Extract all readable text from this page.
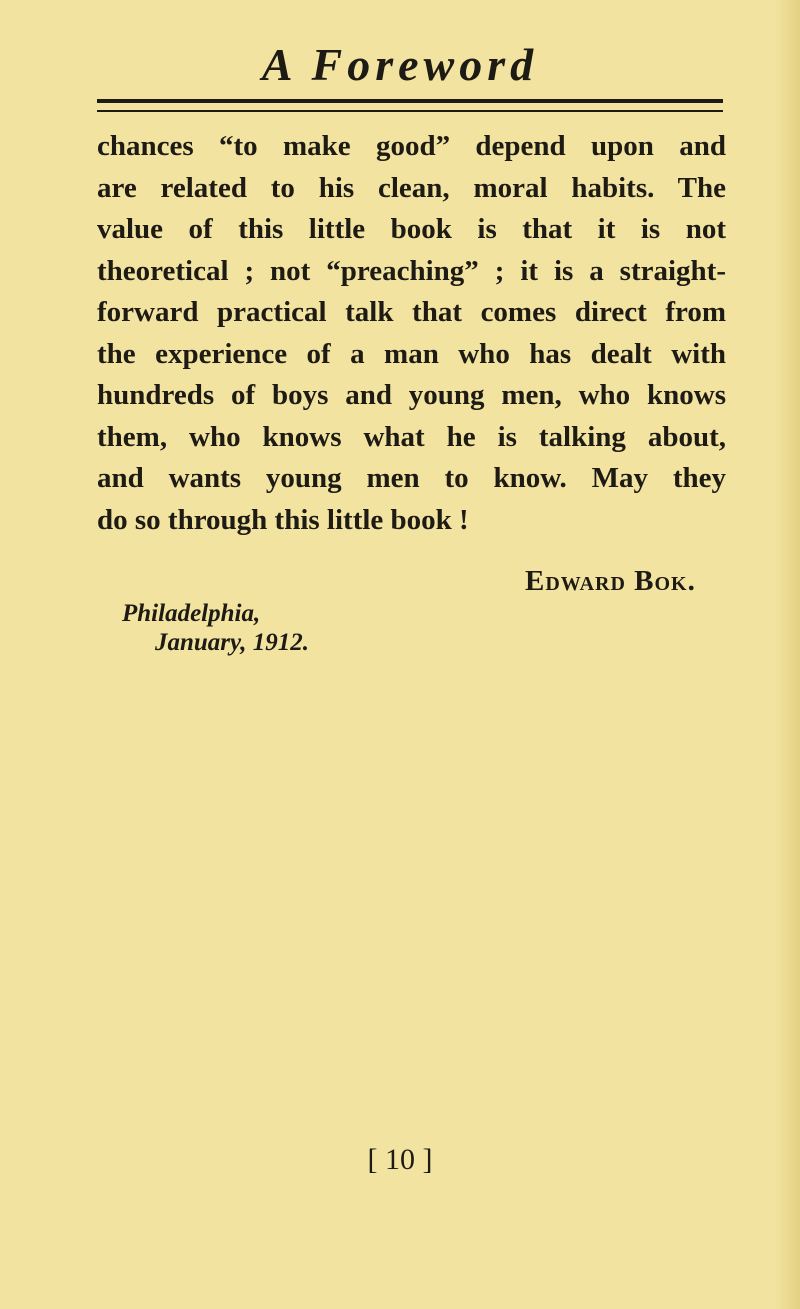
A Foreword
chances “to make good” depend upon and
are related to his clean, moral habits. The
value of this little book is that it is not
theoretical ; not “preaching” ; it is a straight-
forward practical talk that comes direct from
the experience of a man who has dealt with
hundreds of boys and young men, who knows
them, who knows what he is talking about,
and wants young men to know. May they
do so through this little book !
Edward Bok.
Philadelphia,
January, 1912.
[ 10 ]
